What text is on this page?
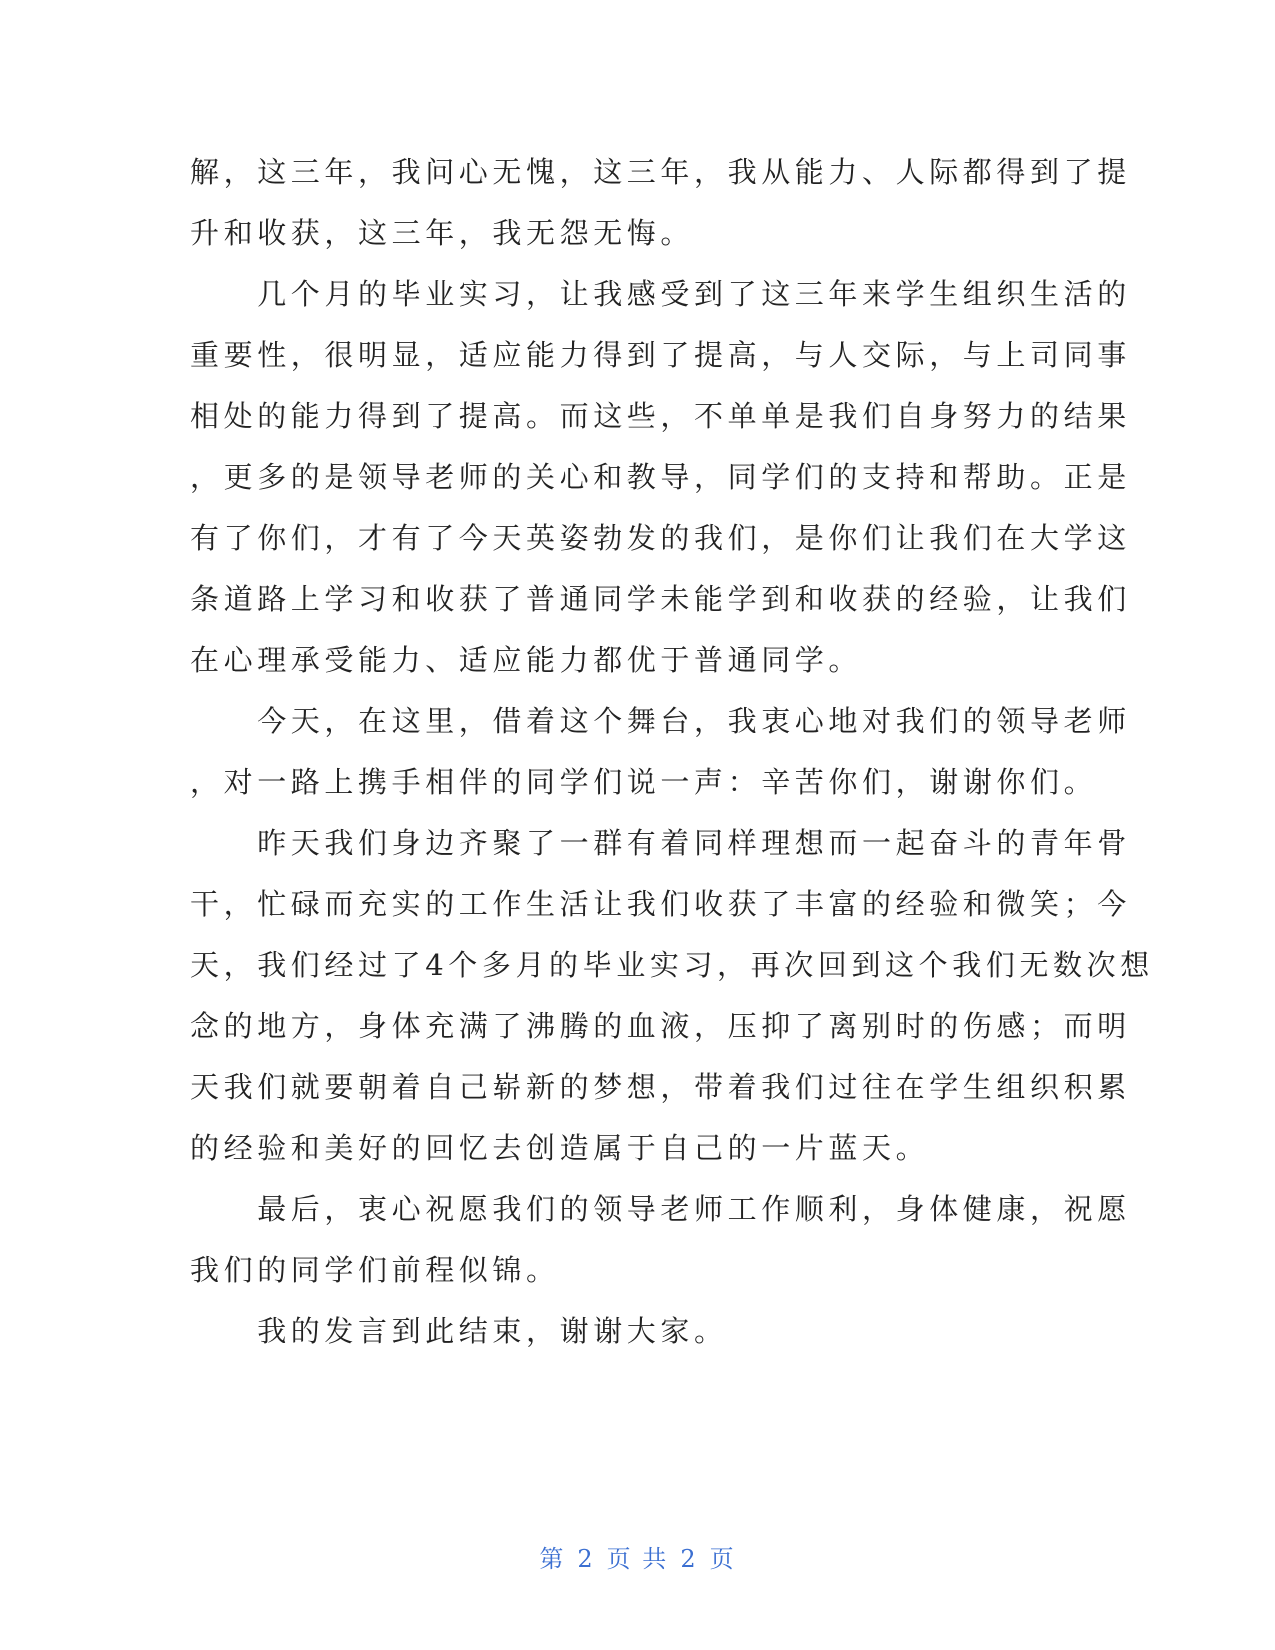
解，这三年，我问心无愧，这三年，我从能力、人际都得到了提
升和收获，这三年，我无怨无悔。
　　几个月的毕业实习，让我感受到了这三年来学生组织生活的
重要性，很明显，适应能力得到了提高，与人交际，与上司同事
相处的能力得到了提高。而这些，不单单是我们自身努力的结果
，更多的是领导老师的关心和教导，同学们的支持和帮助。正是
有了你们，才有了今天英姿勃发的我们，是你们让我们在大学这
条道路上学习和收获了普通同学未能学到和收获的经验，让我们
在心理承受能力、适应能力都优于普通同学。
　　今天，在这里，借着这个舞台，我衷心地对我们的领导老师
，对一路上携手相伴的同学们说一声：辛苦你们，谢谢你们。
　　昨天我们身边齐聚了一群有着同样理想而一起奋斗的青年骨
干，忙碌而充实的工作生活让我们收获了丰富的经验和微笑；今
天，我们经过了4个多月的毕业实习，再次回到这个我们无数次想
念的地方，身体充满了沸腾的血液，压抑了离别时的伤感；而明
天我们就要朝着自己崭新的梦想，带着我们过往在学生组织积累
的经验和美好的回忆去创造属于自己的一片蓝天。
　　最后，衷心祝愿我们的领导老师工作顺利，身体健康，祝愿
我们的同学们前程似锦。
　　我的发言到此结束，谢谢大家。
第 2 页 共 2 页
